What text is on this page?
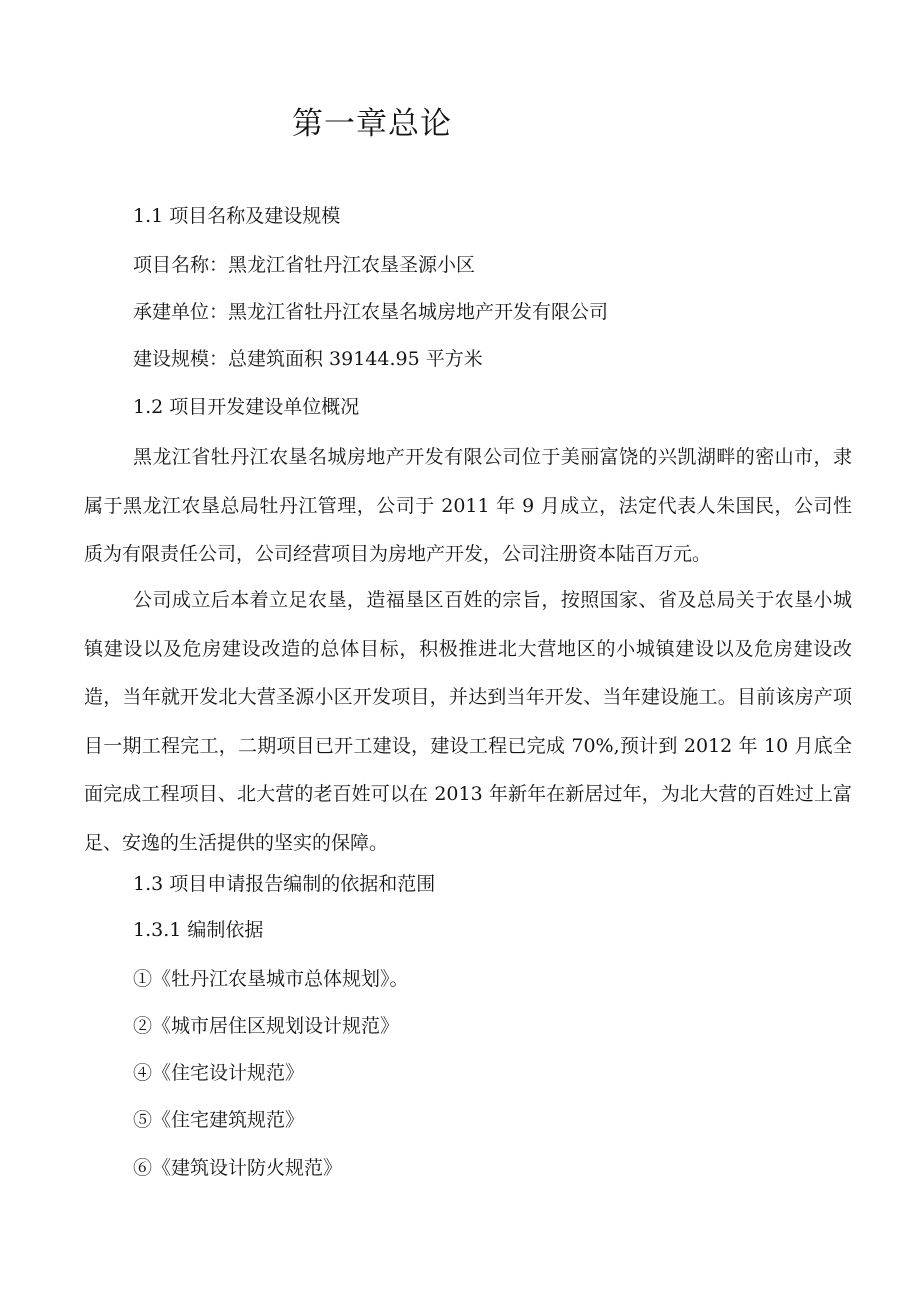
第一章总论

1.1 项目名称及建设规模

项目名称：黑龙江省牡丹江农垦圣源小区

承建单位：黑龙江省牡丹江农垦名城房地产开发有限公司

建设规模：总建筑面积 39144.95 平方米

1.2 项目开发建设单位概况

黑龙江省牡丹江农垦名城房地产开发有限公司位于美丽富饶的兴凯湖畔的密山市，隶属于黑龙江农垦总局牡丹江管理，公司于 2011 年 9 月成立，法定代表人朱国民，公司性质为有限责任公司，公司经营项目为房地产开发，公司注册资本陆百万元。

公司成立后本着立足农垦，造福垦区百姓的宗旨，按照国家、省及总局关于农垦小城镇建设以及危房建设改造的总体目标，积极推进北大营地区的小城镇建设以及危房建设改造，当年就开发北大营圣源小区开发项目，并达到当年开发、当年建设施工。目前该房产项目一期工程完工，二期项目已开工建设，建设工程已完成 70%,预计到 2012 年 10 月底全面完成工程项目、北大营的老百姓可以在 2013 年新年在新居过年，为北大营的百姓过上富足、安逸的生活提供的坚实的保障。

1.3 项目申请报告编制的依据和范围

1.3.1 编制依据

①《牡丹江农垦城市总体规划》。

②《城市居住区规划设计规范》

④《住宅设计规范》

⑤《住宅建筑规范》

⑥《建筑设计防火规范》
